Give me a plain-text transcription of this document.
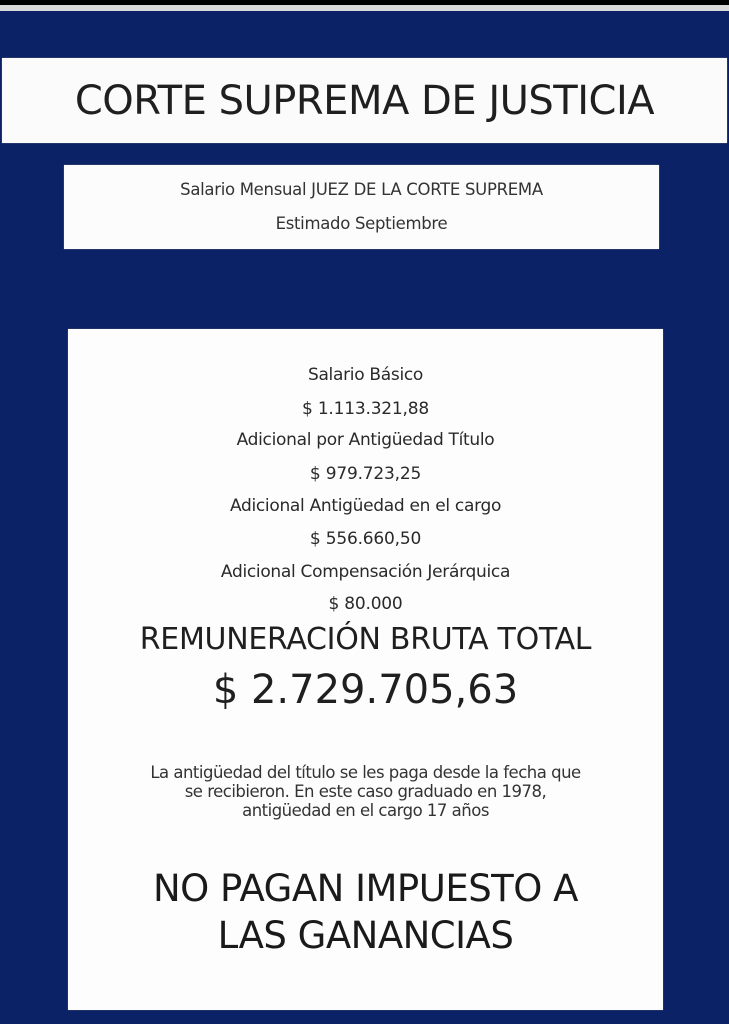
CORTE SUPREMA DE JUSTICIA
Salario Mensual JUEZ DE LA CORTE SUPREMA
Estimado Septiembre
Salario Básico
$ 1.113.321,88
Adicional por Antigüedad Título
$ 979.723,25
Adicional Antigüedad en el cargo
$ 556.660,50
Adicional Compensación Jerárquica
$ 80.000
REMUNERACIÓN BRUTA TOTAL
$ 2.729.705,63
La antigüedad del título se les paga desde la fecha que
se recibieron. En este caso graduado en 1978,
antigüedad en el cargo 17 años
NO PAGAN IMPUESTO A
LAS GANANCIAS
